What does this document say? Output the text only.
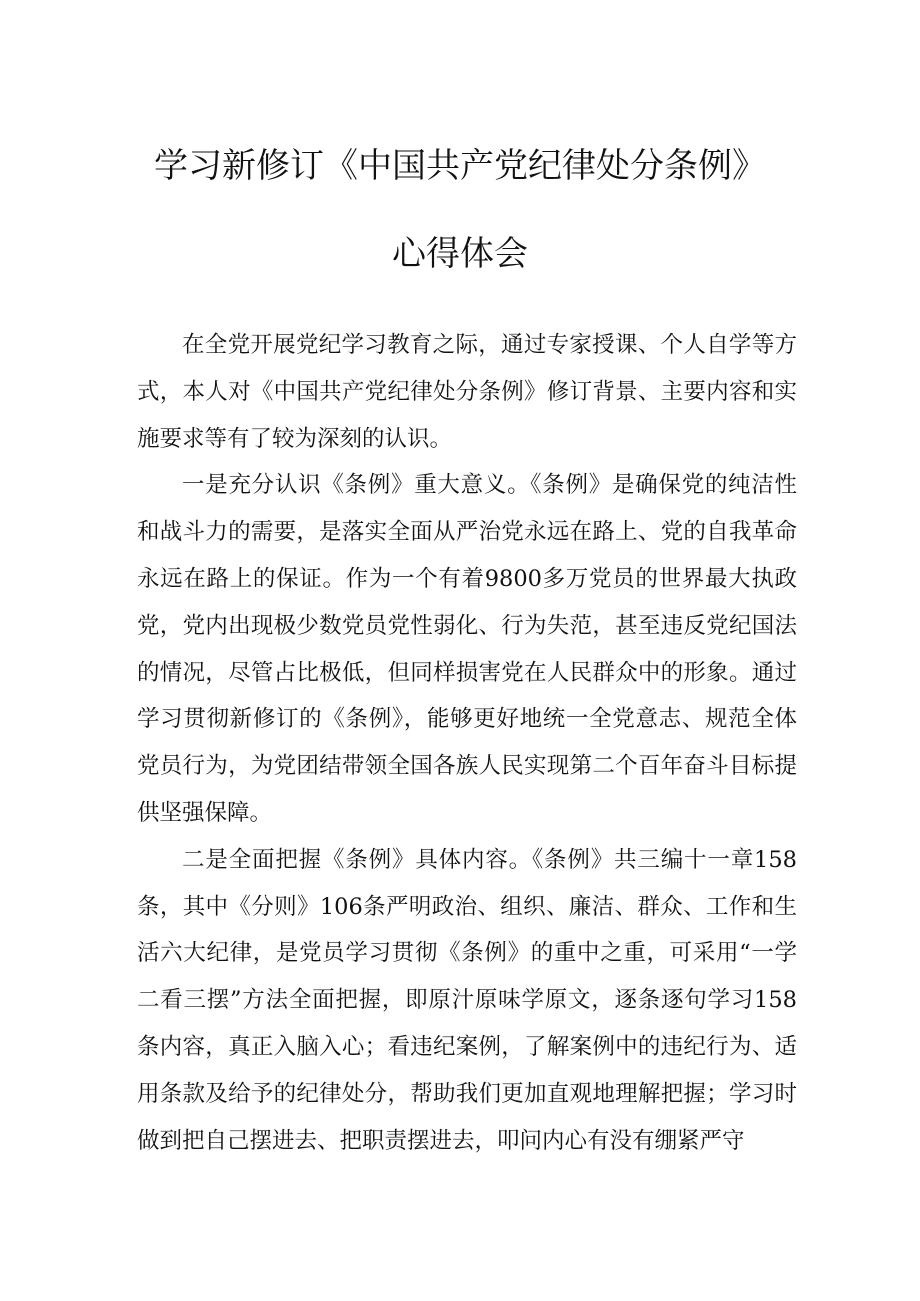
学习新修订《中国共产党纪律处分条例》
心得体会

在全党开展党纪学习教育之际，通过专家授课、个人自学等方式，本人对《中国共产党纪律处分条例》修订背景、主要内容和实施要求等有了较为深刻的认识。

一是充分认识《条例》重大意义。《条例》是确保党的纯洁性和战斗力的需要，是落实全面从严治党永远在路上、党的自我革命永远在路上的保证。作为一个有着9800多万党员的世界最大执政党，党内出现极少数党员党性弱化、行为失范，甚至违反党纪国法的情况，尽管占比极低，但同样损害党在人民群众中的形象。通过学习贯彻新修订的《条例》，能够更好地统一全党意志、规范全体党员行为，为党团结带领全国各族人民实现第二个百年奋斗目标提供坚强保障。

二是全面把握《条例》具体内容。《条例》共三编十一章158条，其中《分则》106条严明政治、组织、廉洁、群众、工作和生活六大纪律，是党员学习贯彻《条例》的重中之重，可采用“一学二看三摆”方法全面把握，即原汁原味学原文，逐条逐句学习158条内容，真正入脑入心；看违纪案例，了解案例中的违纪行为、适用条款及给予的纪律处分，帮助我们更加直观地理解把握；学习时做到把自己摆进去、把职责摆进去，叩问内心有没有绷紧严守
